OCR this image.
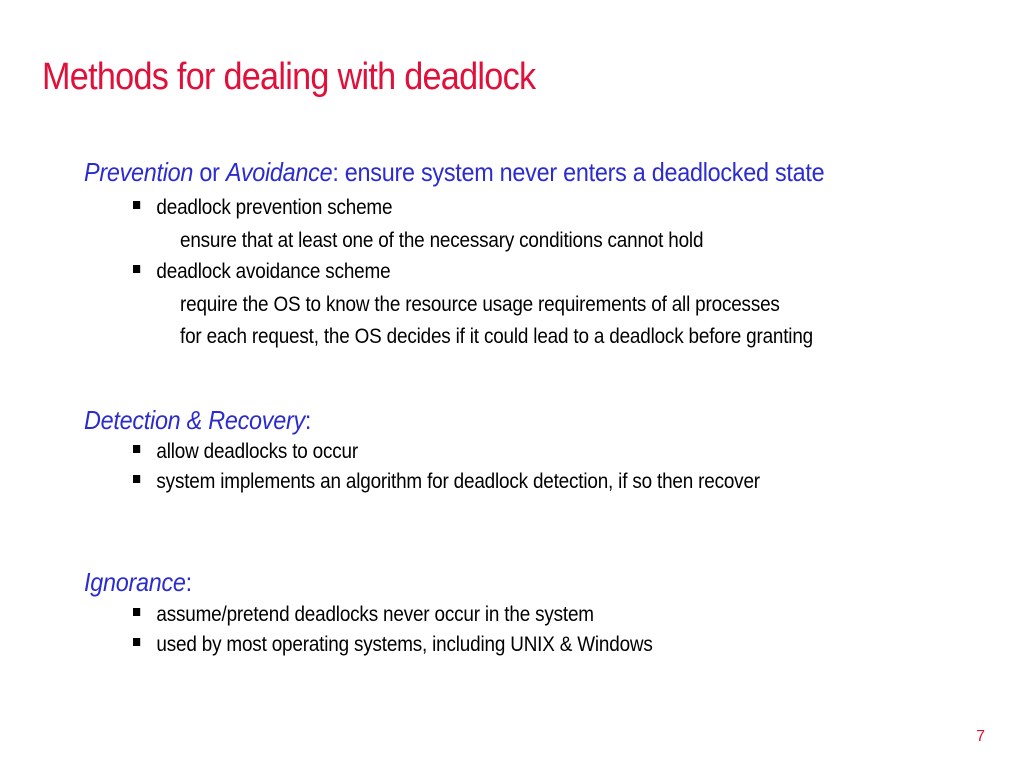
Methods for dealing with deadlock
Prevention or Avoidance: ensure system never enters a deadlocked state
deadlock prevention scheme
ensure that at least one of the necessary conditions cannot hold
deadlock avoidance scheme
require the OS to know the resource usage requirements of all processes
for each request, the OS decides if it could lead to a deadlock before granting
Detection & Recovery:
allow deadlocks to occur
system implements an algorithm for deadlock detection, if so then recover
Ignorance:
assume/pretend deadlocks never occur in the system
used by most operating systems, including UNIX & Windows
7
